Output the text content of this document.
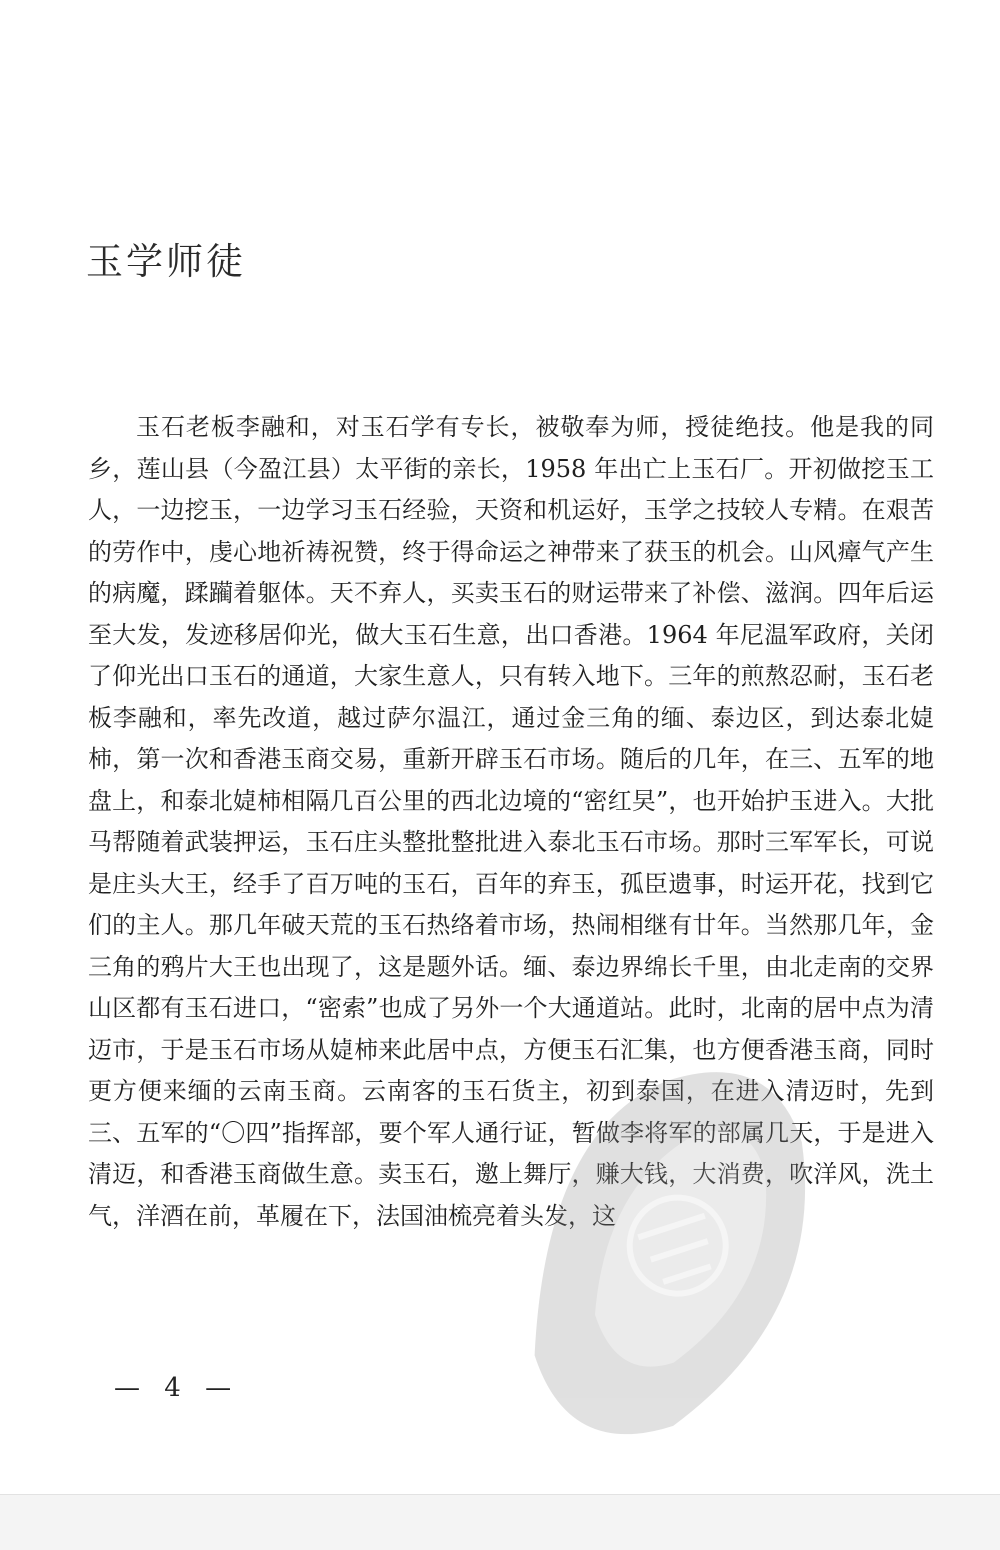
玉学师徒

玉石老板李融和，对玉石学有专长，被敬奉为师，授徒绝技。他是我的同乡，莲山县（今盈江县）太平街的亲长，1958 年出亡上玉石厂。开初做挖玉工人，一边挖玉，一边学习玉石经验，天资和机运好，玉学之技较人专精。在艰苦的劳作中，虔心地祈祷祝赞，终于得命运之神带来了获玉的机会。山风瘴气产生的病魔，蹂躏着躯体。天不弃人，买卖玉石的财运带来了补偿、滋润。四年后运至大发，发迹移居仰光，做大玉石生意，出口香港。1964 年尼温军政府，关闭了仰光出口玉石的通道，大家生意人，只有转入地下。三年的煎熬忍耐，玉石老板李融和，率先改道，越过萨尔温江，通过金三角的缅、泰边区，到达泰北媫柿，第一次和香港玉商交易，重新开辟玉石市场。随后的几年，在三、五军的地盘上，和泰北媫柿相隔几百公里的西北边境的“密红旲”，也开始护玉进入。大批马帮随着武装押运，玉石庄头整批整批进入泰北玉石市场。那时三军军长，可说是庄头大王，经手了百万吨的玉石，百年的弃玉，孤臣遗事，时运开花，找到它们的主人。那几年破天荒的玉石热络着市场，热闹相继有廿年。当然那几年，金三角的鸦片大王也出现了，这是题外话。缅、泰边界绵长千里，由北走南的交界山区都有玉石进口，“密索”也成了另外一个大通道站。此时，北南的居中点为清迈市，于是玉石市场从媫柿来此居中点，方便玉石汇集，也方便香港玉商，同时更方便来缅的云南玉商。云南客的玉石货主，初到泰国，在进入清迈时，先到三、五军的“〇四”指挥部，要个军人通行证，暂做李将军的部属几天，于是进入清迈，和香港玉商做生意。卖玉石，邀上舞厅，赚大钱，大消费，吹洋风，洗土气，洋酒在前，革履在下，法国油梳亮着头发，这

— 4 —
